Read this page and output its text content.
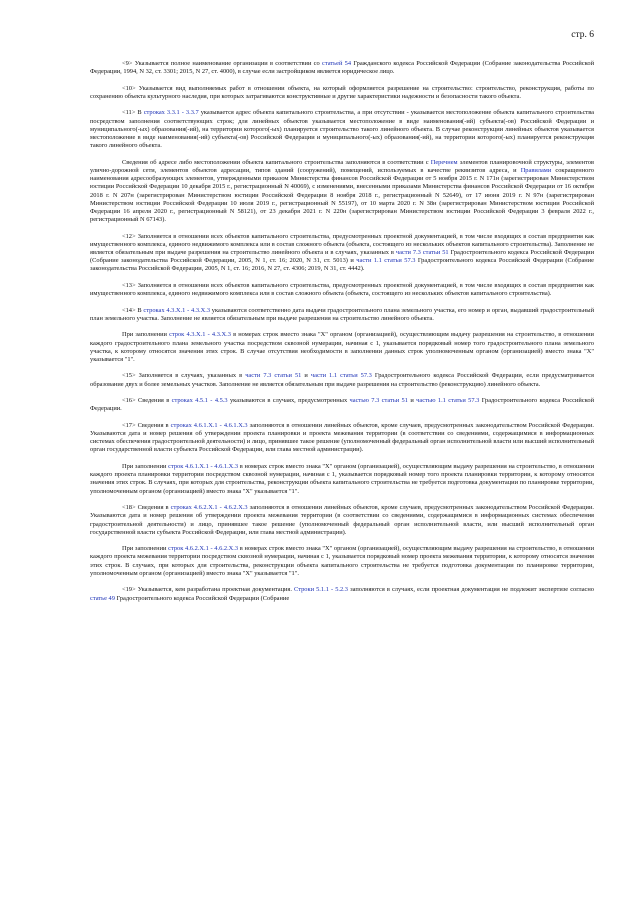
стр. 6

<9> Указывается полное наименование организации в соответствии со статьей 54 Гражданского кодекса Российской Федерации (Собрание законодательства Российской Федерации, 1994, N 32, ст. 3301; 2015, N 27, ст. 4000), в случае если застройщиком является юридическое лицо.

<10> Указывается вид выполняемых работ в отношении объекта, на который оформляется разрешение на строительство: строительство, реконструкция, работы по сохранению объекта культурного наследия, при которых затрагиваются конструктивные и другие характеристики надежности и безопасности такого объекта.

<11> В строках 3.3.1 - 3.3.7 указывается адрес объекта капитального строительства, а при отсутствии - указывается местоположение объекта капитального строительства посредством заполнения соответствующих строк; для линейных объектов указывается местоположение в виде наименования(-ий) субъекта(-ов) Российской Федерации и муниципального(-ых) образования(-ий), на территории которого(-ых) планируется строительство такого линейного объекта. В случае реконструкции линейных объектов указывается местоположение в виде наименования(-ий) субъекта(-ов) Российской Федерации и муниципального(-ых) образования(-ий), на территории которого(-ых) планируется реконструкция такого линейного объекта.

Сведения об адресе либо местоположении объекта капитального строительства заполняются в соответствии с Перечнем элементов планировочной структуры, элементов улично-дорожной сети, элементов объектов адресации, типов зданий (сооружений), помещений, используемых в качестве реквизитов адреса, и Правилами сокращенного наименования адресообразующих элементов, утвержденными приказом Министерства финансов Российской Федерации от 5 ноября 2015 г. N 171н (зарегистрирован Министерством юстиции Российской Федерации 10 декабря 2015 г., регистрационный N 40069), с изменениями, внесенными приказами Министерства финансов Российской Федерации от 16 октября 2018 г. N 207н (зарегистрирован Министерством юстиции Российской Федерации 8 ноября 2018 г., регистрационный N 52649), от 17 июня 2019 г. N 97н (зарегистрирован Министерством юстиции Российской Федерации 10 июля 2019 г., регистрационный N 55197), от 10 марта 2020 г. N 38н (зарегистрирован Министерством юстиции Российской Федерации 16 апреля 2020 г., регистрационный N 58121), от 23 декабря 2021 г. N 220н (зарегистрирован Министерством юстиции Российской Федерации 3 февраля 2022 г., регистрационный N 67143).

<12> Заполняется в отношении всех объектов капитального строительства, предусмотренных проектной документацией, в том числе входящих в состав предприятия как имущественного комплекса, единого недвижимого комплекса или в состав сложного объекта (объекта, состоящего из нескольких объектов капитального строительства). Заполнение не является обязательным при выдаче разрешения на строительство линейного объекта и в случаях, указанных в части 7.3 статьи 51 Градостроительного кодекса Российской Федерации (Собрание законодательства Российской Федерации, 2005, N 1, ст. 16; 2020, N 31, ст. 5013) и части 1.1 статьи 57.3 Градостроительного кодекса Российской Федерации (Собрание законодательства Российской Федерации, 2005, N 1, ст. 16; 2016, N 27, ст. 4306; 2019, N 31, ст. 4442).

<13> Заполняется в отношении всех объектов капитального строительства, предусмотренных проектной документацией, в том числе входящих в состав предприятия как имущественного комплекса, единого недвижимого комплекса или в состав сложного объекта (объекта, состоящего из нескольких объектов капитального строительства).

<14> В строках 4.3.X.1 - 4.3.X.3 указываются соответственно дата выдачи градостроительного плана земельного участка, его номер и орган, выдавший градостроительный план земельного участка. Заполнение не является обязательным при выдаче разрешения на строительство линейного объекта.

При заполнении строк 4.3.X.1 - 4.3.X.3 в номерах строк вместо знака "X" органом (организацией), осуществляющим выдачу разрешения на строительство, в отношении каждого градостроительного плана земельного участка посредством сквозной нумерации, начиная с 1, указывается порядковый номер того градостроительного плана земельного участка, к которому относятся значения этих строк. В случае отсутствия необходимости в заполнении данных строк уполномоченным органом (организацией) вместо знака "X" указывается "1".

<15> Заполняется в случаях, указанных в части 7.3 статьи 51 и части 1.1 статьи 57.3 Градостроительного кодекса Российской Федерации, если предусматривается образование двух и более земельных участков. Заполнение не является обязательным при выдаче разрешения на строительство (реконструкцию) линейного объекта.

<16> Сведения в строках 4.5.1 - 4.5.3 указываются в случаях, предусмотренных частью 7.3 статьи 51 и частью 1.1 статьи 57.3 Градостроительного кодекса Российской Федерации.

<17> Сведения в строках 4.6.1.X.1 - 4.6.1.X.3 заполняются в отношении линейных объектов, кроме случаев, предусмотренных законодательством Российской Федерации. Указываются дата и номер решения об утверждении проекта планировки и проекта межевания территории (в соответствии со сведениями, содержащимися в информационных системах обеспечения градостроительной деятельности) и лицо, принявшее такое решение (уполномоченный федеральный орган исполнительной власти или высший исполнительный орган государственной власти субъекта Российской Федерации, или глава местной администрации).

При заполнении строк 4.6.1.X.1 - 4.6.1.X.3 в номерах строк вместо знака "X" органом (организацией), осуществляющим выдачу разрешения на строительство, в отношении каждого проекта планировки территории посредством сквозной нумерации, начиная с 1, указывается порядковый номер того проекта планировки территории, к которому относятся значения этих строк. В случаях, при которых для строительства, реконструкции объекта капитального строительства не требуется подготовка документации по планировке территории, уполномоченным органом (организацией) вместо знака "X" указывается "1".

<18> Сведения в строках 4.6.2.X.1 - 4.6.2.X.3 заполняются в отношении линейных объектов, кроме случаев, предусмотренных законодательством Российской Федерации. Указываются дата и номер решения об утверждении проекта межевания территории (в соответствии со сведениями, содержащимися в информационных системах обеспечения градостроительной деятельности) и лицо, принявшее такое решение (уполномоченный федеральный орган исполнительной власти, или высший исполнительный орган государственной власти субъекта Российской Федерации, или глава местной администрации).

При заполнении строк 4.6.2.X.1 - 4.6.2.X.3 в номерах строк вместо знака "X" органом (организацией), осуществляющим выдачу разрешения на строительство, в отношении каждого проекта межевания территории посредством сквозной нумерации, начиная с 1, указывается порядковый номер проекта межевания территории, к которому относятся значения этих строк. В случаях, при которых для строительства, реконструкции объекта капитального строительства не требуется подготовка документации по планировке территории, уполномоченным органом (организацией) вместо знака "X" указывается "1".

<19> Указывается, кем разработана проектная документация. Строки 5.1.1 - 5.2.3 заполняются в случаях, если проектная документация не подлежит экспертизе согласно статье 49 Градостроительного кодекса Российской Федерации (Собрание
